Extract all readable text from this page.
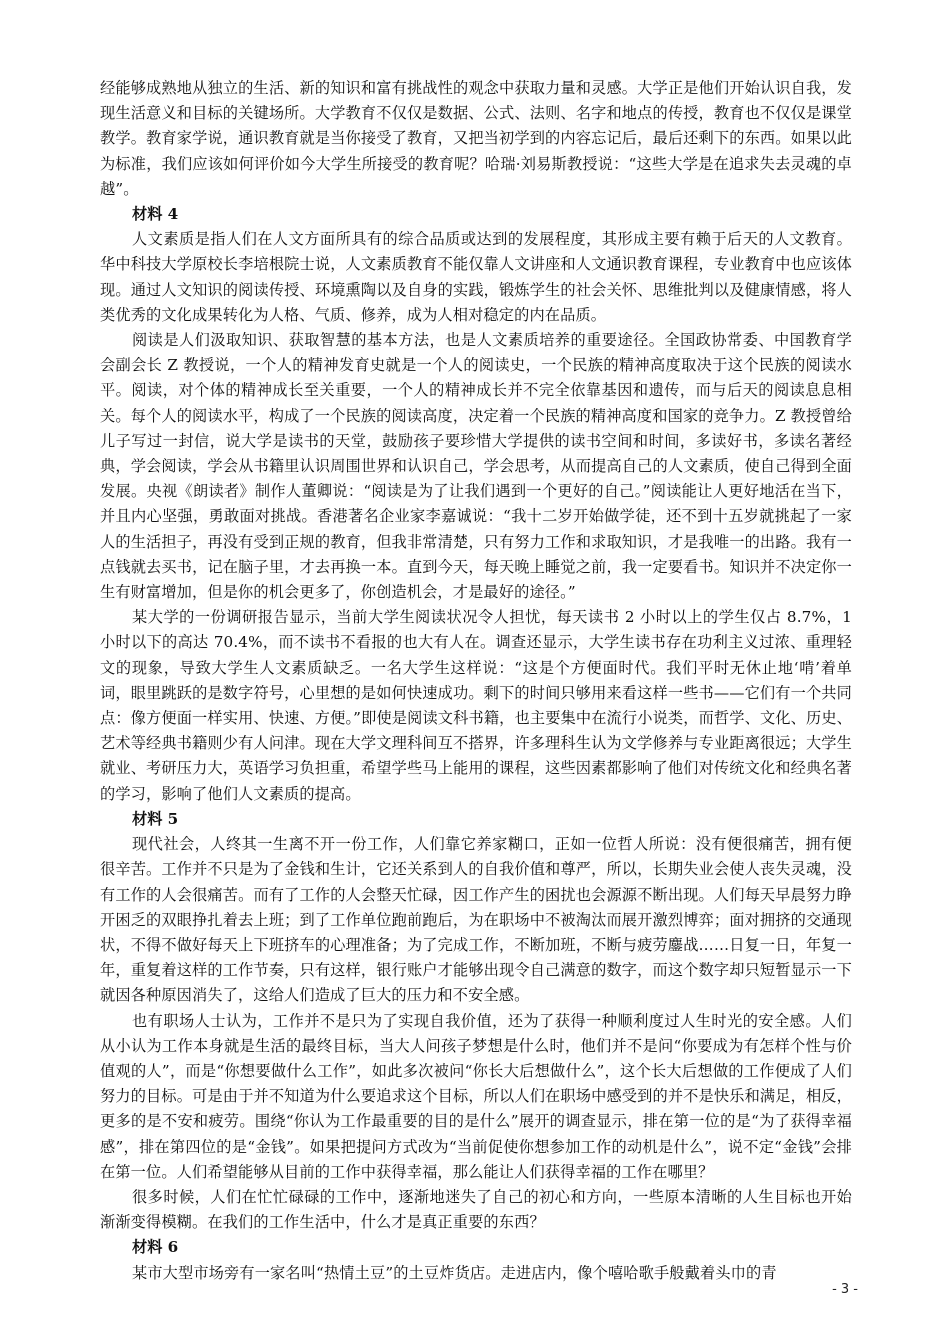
经能够成熟地从独立的生活、新的知识和富有挑战性的观念中获取力量和灵感。大学正是他们开始认识自我，发现生活意义和目标的关键场所。大学教育不仅仅是数据、公式、法则、名字和地点的传授，教育也不仅仅是课堂教学。教育家学说，通识教育就是当你接受了教育，又把当初学到的内容忘记后，最后还剩下的东西。如果以此为标准，我们应该如何评价如今大学生所接受的教育呢？哈瑞·刘易斯教授说：“这些大学是在追求失去灵魂的卓越”。

材料 4

人文素质是指人们在人文方面所具有的综合品质或达到的发展程度，其形成主要有赖于后天的人文教育。华中科技大学原校长李培根院士说，人文素质教育不能仅靠人文讲座和人文通识教育课程，专业教育中也应该体现。通过人文知识的阅读传授、环境熏陶以及自身的实践，锻炼学生的社会关怀、思维批判以及健康情感，将人类优秀的文化成果转化为人格、气质、修养，成为人相对稳定的内在品质。

阅读是人们汲取知识、获取智慧的基本方法，也是人文素质培养的重要途径。全国政协常委、中国教育学会副会长 Z 教授说，一个人的精神发育史就是一个人的阅读史，一个民族的精神高度取决于这个民族的阅读水平。阅读，对个体的精神成长至关重要，一个人的精神成长并不完全依靠基因和遗传，而与后天的阅读息息相关。每个人的阅读水平，构成了一个民族的阅读高度，决定着一个民族的精神高度和国家的竞争力。Z 教授曾给儿子写过一封信，说大学是读书的天堂，鼓励孩子要珍惜大学提供的读书空间和时间，多读好书，多读名著经典，学会阅读，学会从书籍里认识周围世界和认识自己，学会思考，从而提高自己的人文素质，使自己得到全面发展。央视《朗读者》制作人董卿说：“阅读是为了让我们遇到一个更好的自己。”阅读能让人更好地活在当下，并且内心坚强，勇敢面对挑战。香港著名企业家李嘉诚说：“我十二岁开始做学徒，还不到十五岁就挑起了一家人的生活担子，再没有受到正规的教育，但我非常清楚，只有努力工作和求取知识，才是我唯一的出路。我有一点钱就去买书，记在脑子里，才去再换一本。直到今天，每天晚上睡觉之前，我一定要看书。知识并不决定你一生有财富增加，但是你的机会更多了，你创造机会，才是最好的途径。”

某大学的一份调研报告显示，当前大学生阅读状况令人担忧，每天读书 2 小时以上的学生仅占 8.7%，1 小时以下的高达 70.4%，而不读书不看报的也大有人在。调查还显示，大学生读书存在功利主义过浓、重理轻文的现象，导致大学生人文素质缺乏。一名大学生这样说：“这是个方便面时代。我们平时无休止地‘啃’着单词，眼里跳跃的是数字符号，心里想的是如何快速成功。剩下的时间只够用来看这样一些书——它们有一个共同点：像方便面一样实用、快速、方便。”即使是阅读文科书籍，也主要集中在流行小说类，而哲学、文化、历史、艺术等经典书籍则少有人问津。现在大学文理科间互不搭界，许多理科生认为文学修养与专业距离很远；大学生就业、考研压力大，英语学习负担重，希望学些马上能用的课程，这些因素都影响了他们对传统文化和经典名著的学习，影响了他们人文素质的提高。

材料 5

现代社会，人终其一生离不开一份工作，人们靠它养家糊口，正如一位哲人所说：没有便很痛苦，拥有便很辛苦。工作并不只是为了金钱和生计，它还关系到人的自我价值和尊严，所以，长期失业会使人丧失灵魂，没有工作的人会很痛苦。而有了工作的人会整天忙碌，因工作产生的困扰也会源源不断出现。人们每天早晨努力睁开困乏的双眼挣扎着去上班；到了工作单位跑前跑后，为在职场中不被淘汰而展开激烈博弈；面对拥挤的交通现状，不得不做好每天上下班挤车的心理准备；为了完成工作，不断加班，不断与疲劳鏖战……日复一日，年复一年，重复着这样的工作节奏，只有这样，银行账户才能够出现令自己满意的数字，而这个数字却只短暂显示一下就因各种原因消失了，这给人们造成了巨大的压力和不安全感。

也有职场人士认为，工作并不是只为了实现自我价值，还为了获得一种顺利度过人生时光的安全感。人们从小认为工作本身就是生活的最终目标，当大人问孩子梦想是什么时，他们并不是问“你要成为有怎样个性与价值观的人”，而是“你想要做什么工作”，如此多次被问“你长大后想做什么”，这个长大后想做的工作便成了人们努力的目标。可是由于并不知道为什么要追求这个目标，所以人们在职场中感受到的并不是快乐和满足，相反，更多的是不安和疲劳。围绕“你认为工作最重要的目的是什么”展开的调查显示，排在第一位的是“为了获得幸福感”，排在第四位的是“金钱”。如果把提问方式改为“当前促使你想参加工作的动机是什么”，说不定“金钱”会排在第一位。人们希望能够从目前的工作中获得幸福，那么能让人们获得幸福的工作在哪里？

很多时候，人们在忙忙碌碌的工作中，逐渐地迷失了自己的初心和方向，一些原本清晰的人生目标也开始渐渐变得模糊。在我们的工作生活中，什么才是真正重要的东西？

材料 6

某市大型市场旁有一家名叫“热情土豆”的土豆炸货店。走进店内，像个嘻哈歌手般戴着头巾的青

- 3 -
